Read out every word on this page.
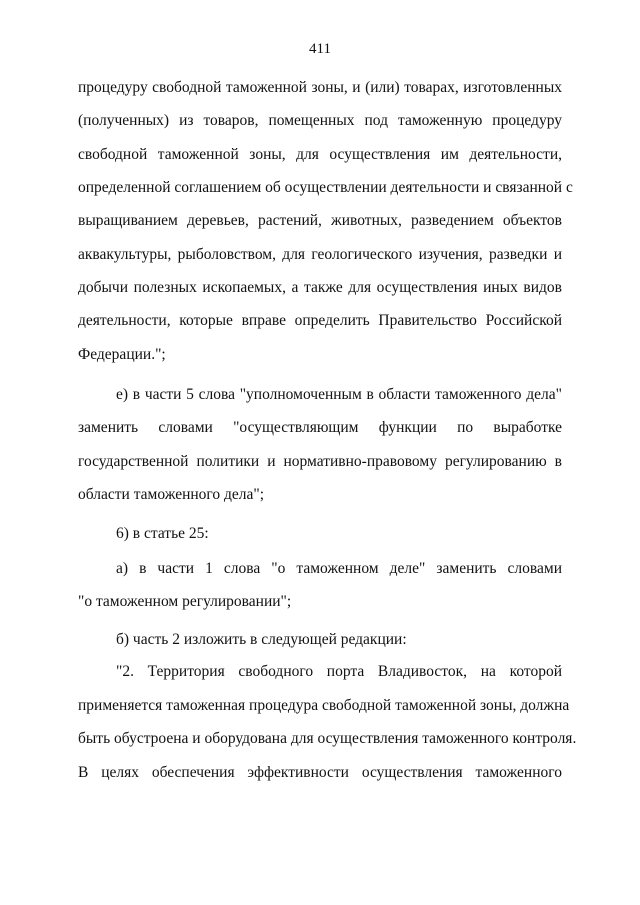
411
процедуру свободной таможенной зоны, и (или) товарах, изготовленных
(полученных) из товаров, помещенных под таможенную процедуру
свободной таможенной зоны, для осуществления им деятельности,
определенной соглашением об осуществлении деятельности и связанной с
выращиванием деревьев, растений, животных, разведением объектов
аквакультуры, рыболовством, для геологического изучения, разведки и
добычи полезных ископаемых, а также для осуществления иных видов
деятельности, которые вправе определить Правительство Российской
Федерации.";
е) в части 5 слова "уполномоченным в области таможенного дела"
заменить словами "осуществляющим функции по выработке
государственной политики и нормативно-правовому регулированию в
области таможенного дела";
6) в статье 25:
а) в части 1 слова "о таможенном деле" заменить словами
"о таможенном регулировании";
б) часть 2 изложить в следующей редакции:
"2. Территория свободного порта Владивосток, на которой
применяется таможенная процедура свободной таможенной зоны, должна
быть обустроена и оборудована для осуществления таможенного контроля.
В целях обеспечения эффективности осуществления таможенного
